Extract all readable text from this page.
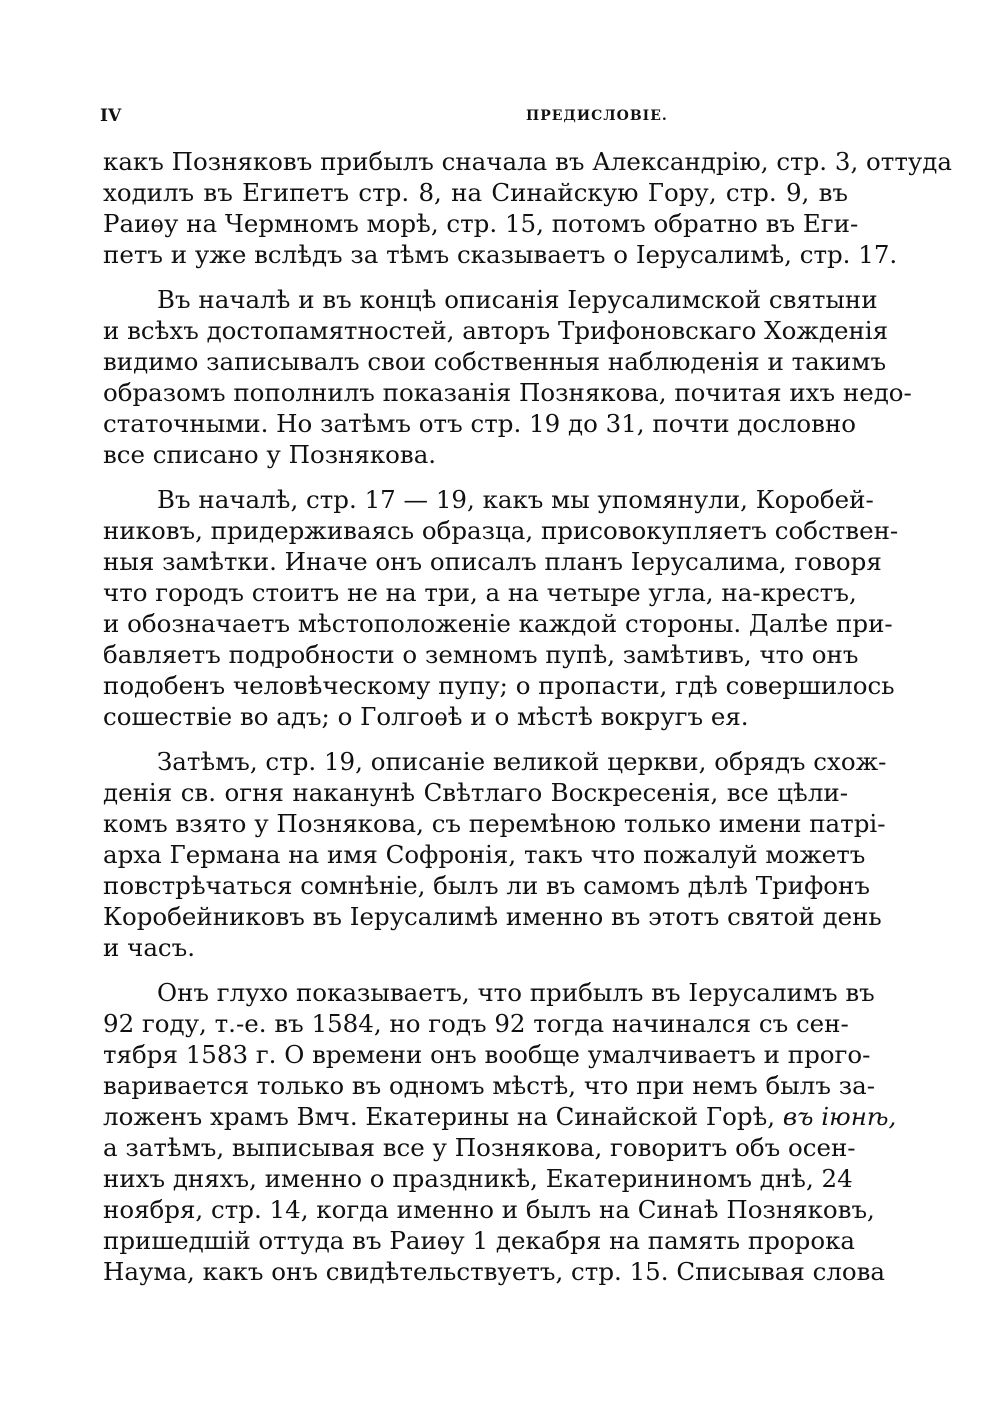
IV	ПРЕДИСЛОВІЕ.
какъ Позняковъ прибылъ сначала въ Александрію, стр. 3, оттуда
ходилъ въ Египетъ стр. 8, на Синайскую Гору, стр. 9, въ
Раиѳу на Чермномъ морѣ, стр. 15, потомъ обратно въ Еги-
петъ и уже вслѣдъ за тѣмъ сказываетъ о Іерусалимѣ, стр. 17.
Въ началѣ и въ концѣ описанія Іерусалимской святыни
и всѣхъ достопамятностей, авторъ Трифоновскаго Хожденія
видимо записывалъ свои собственныя наблюденія и такимъ
образомъ пополнилъ показанія Познякова, почитая ихъ недо-
статочными. Но затѣмъ отъ стр. 19 до 31, почти дословно
все списано у Познякова.
Въ началѣ, стр. 17 — 19, какъ мы упомянули, Коробей-
никовъ, придерживаясь образца, присовокупляетъ собствен-
ныя замѣтки. Иначе онъ описалъ планъ Іерусалима, говоря
что городъ стоитъ не на три, а на четыре угла, на-крестъ,
и обозначаетъ мѣстоположеніе каждой стороны. Далѣе при-
бавляетъ подробности о земномъ пупѣ, замѣтивъ, что онъ
подобенъ человѣческому пупу; о пропасти, гдѣ совершилось
сошествіе во адъ; о Голгоѳѣ и о мѣстѣ вокругъ ея.
Затѣмъ, стр. 19, описаніе великой церкви, обрядъ схож-
денія св. огня наканунѣ Свѣтлаго Воскресенія, все цѣли-
комъ взято у Познякова, съ перемѣною только имени патрі-
арха Германа на имя Софронія, такъ что пожалуй можетъ
повстрѣчаться сомнѣніе, былъ ли въ самомъ дѣлѣ Трифонъ
Коробейниковъ въ Іерусалимѣ именно въ этотъ святой день
и часъ.
Онъ глухо показываетъ, что прибылъ въ Іерусалимъ въ
92 году, т.-е. въ 1584, но годъ 92 тогда начинался съ сен-
тября 1583 г. О времени онъ вообще умалчиваетъ и прого-
варивается только въ одномъ мѣстѣ, что при немъ былъ за-
ложенъ храмъ Вмч. Екатерины на Синайской Горѣ, въ іюнѣ,
а затѣмъ, выписывая все у Познякова, говоритъ объ осен-
нихъ дняхъ, именно о праздникѣ, Екатерининомъ днѣ, 24
ноября, стр. 14, когда именно и былъ на Синаѣ Позняковъ,
пришедшій оттуда въ Раиѳу 1 декабря на память пророка
Наума, какъ онъ свидѣтельствуетъ, стр. 15. Списывая слова
